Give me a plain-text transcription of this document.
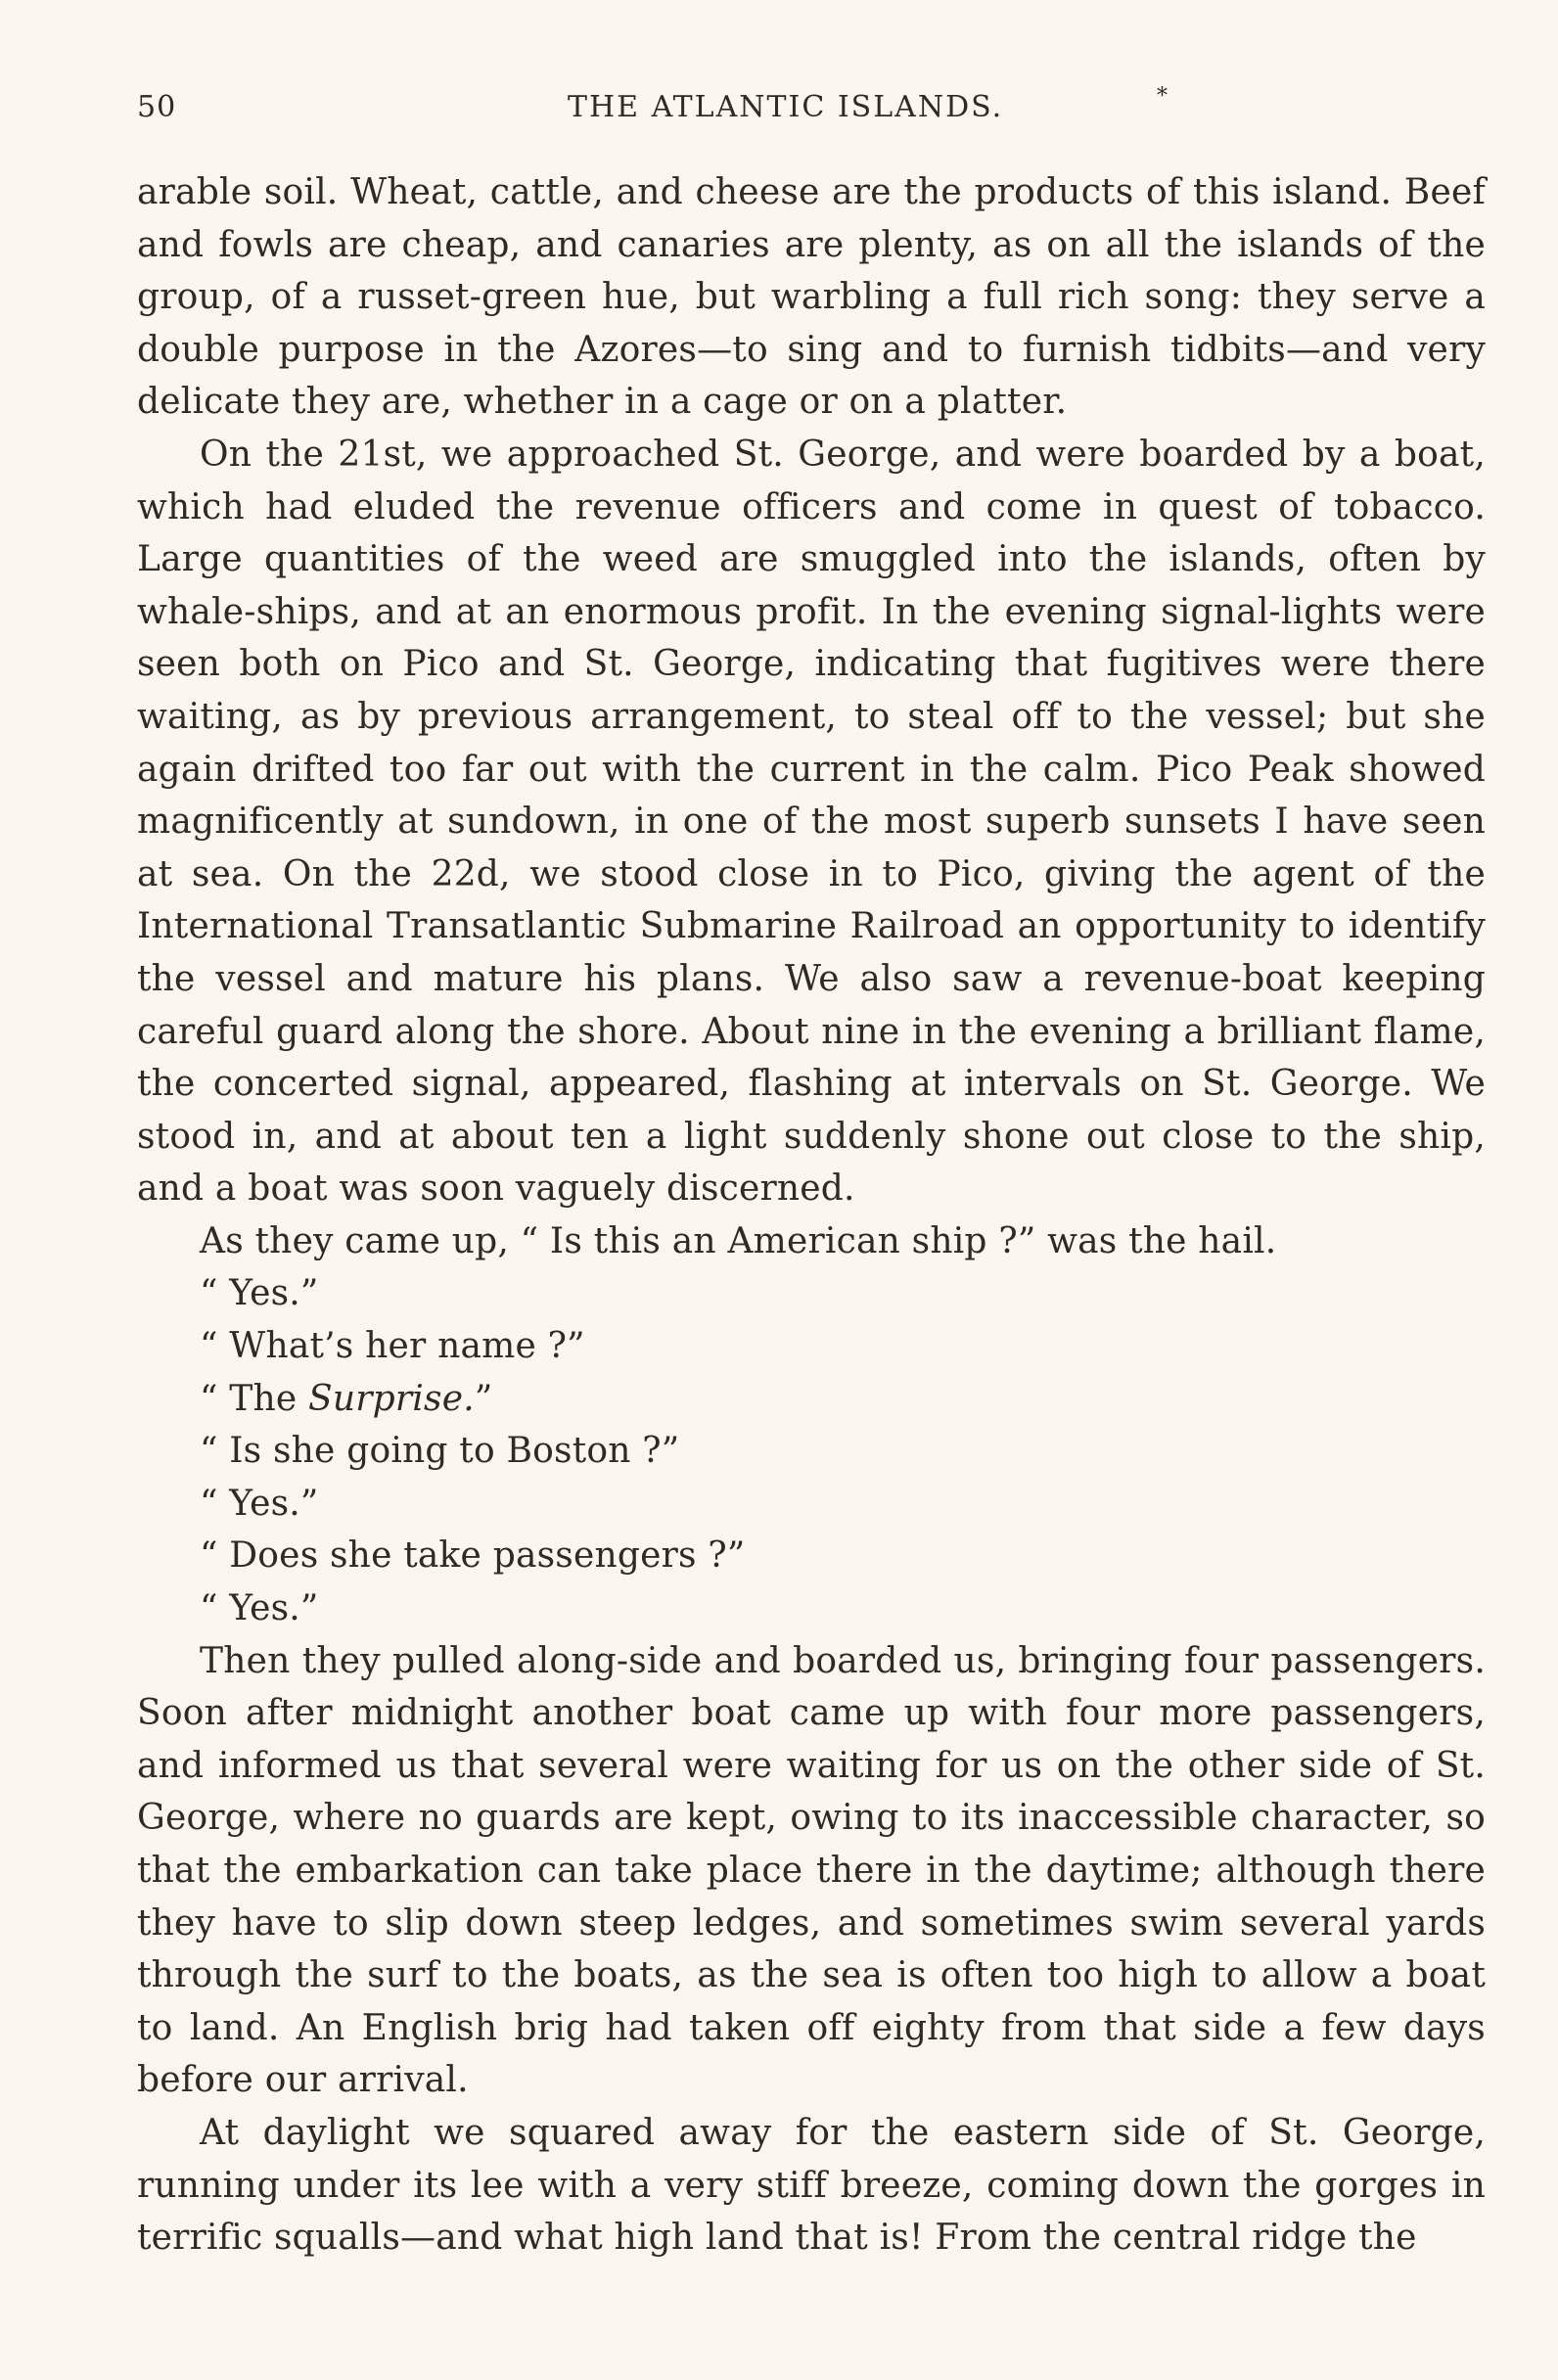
50	THE ATLANTIC ISLANDS.	*

arable soil. Wheat, cattle, and cheese are the products of this island. Beef and fowls are cheap, and canaries are plenty, as on all the islands of the group, of a russet-green hue, but warbling a full rich song: they serve a double purpose in the Azores—to sing and to furnish tidbits—and very delicate they are, whether in a cage or on a platter.

On the 21st, we approached St. George, and were boarded by a boat, which had eluded the revenue officers and come in quest of tobacco. Large quantities of the weed are smuggled into the islands, often by whale-ships, and at an enormous profit. In the evening signal-lights were seen both on Pico and St. George, indicating that fugitives were there waiting, as by previous arrangement, to steal off to the vessel; but she again drifted too far out with the current in the calm. Pico Peak showed magnificently at sundown, in one of the most superb sunsets I have seen at sea. On the 22d, we stood close in to Pico, giving the agent of the International Transatlantic Submarine Railroad an opportunity to identify the vessel and mature his plans. We also saw a revenue-boat keeping careful guard along the shore. About nine in the evening a brilliant flame, the concerted signal, appeared, flashing at intervals on St. George. We stood in, and at about ten a light suddenly shone out close to the ship, and a boat was soon vaguely discerned.

As they came up, “ Is this an American ship ?” was the hail.

“ Yes.”

“ What’s her name ?”

“ The Surprise.”

“ Is she going to Boston ?”

“ Yes.”

“ Does she take passengers ?”

“ Yes.”

Then they pulled along-side and boarded us, bringing four passengers. Soon after midnight another boat came up with four more passengers, and informed us that several were waiting for us on the other side of St. George, where no guards are kept, owing to its inaccessible character, so that the embarkation can take place there in the daytime; although there they have to slip down steep ledges, and sometimes swim several yards through the surf to the boats, as the sea is often too high to allow a boat to land. An English brig had taken off eighty from that side a few days before our arrival.

At daylight we squared away for the eastern side of St. George, running under its lee with a very stiff breeze, coming down the gorges in terrific squalls—and what high land that is! From the central ridge the
